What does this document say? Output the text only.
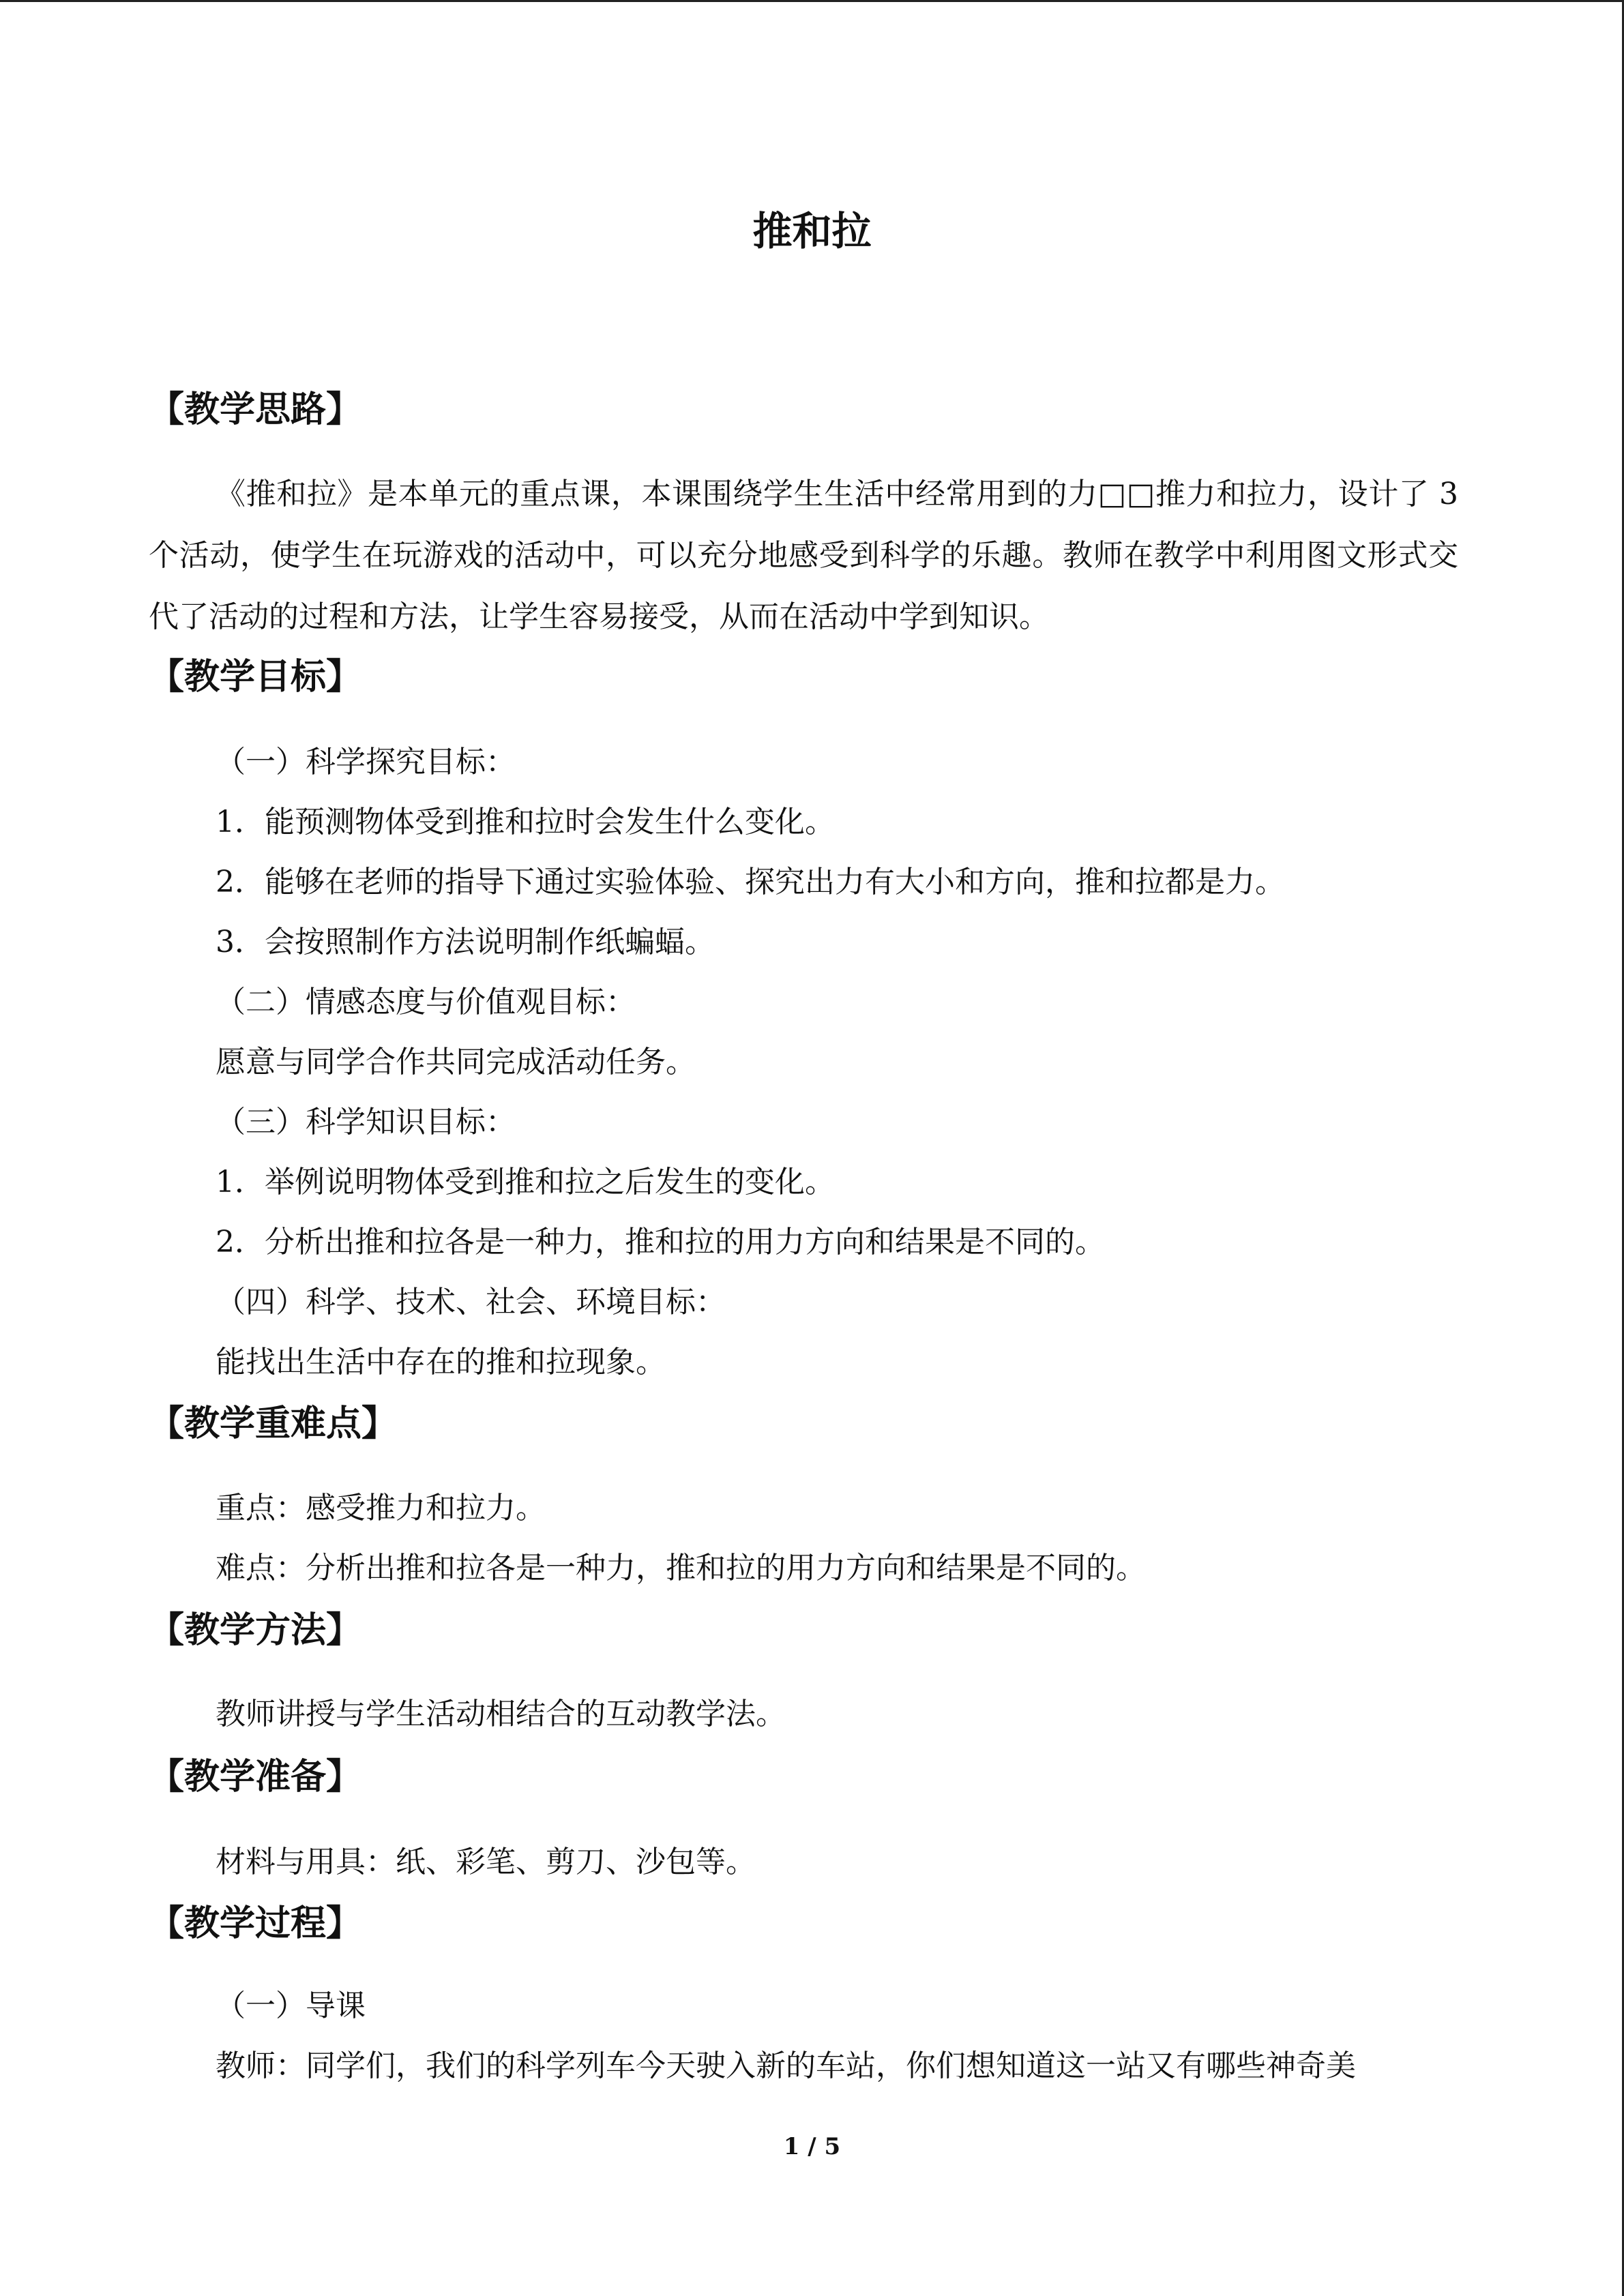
推和拉
【教学思路】
《推和拉》是本单元的重点课，本课围绕学生生活中经常用到的力□□推力和拉力，设计了 3 个活动，使学生在玩游戏的活动中，可以充分地感受到科学的乐趣。教师在教学中利用图文形式交代了活动的过程和方法，让学生容易接受，从而在活动中学到知识。
【教学目标】
（一）科学探究目标：
1．能预测物体受到推和拉时会发生什么变化。
2．能够在老师的指导下通过实验体验、探究出力有大小和方向，推和拉都是力。
3．会按照制作方法说明制作纸蝙蝠。
（二）情感态度与价值观目标：
愿意与同学合作共同完成活动任务。
（三）科学知识目标：
1．举例说明物体受到推和拉之后发生的变化。
2．分析出推和拉各是一种力，推和拉的用力方向和结果是不同的。
（四）科学、技术、社会、环境目标：
能找出生活中存在的推和拉现象。
【教学重难点】
重点：感受推力和拉力。
难点：分析出推和拉各是一种力，推和拉的用力方向和结果是不同的。
【教学方法】
教师讲授与学生活动相结合的互动教学法。
【教学准备】
材料与用具：纸、彩笔、剪刀、沙包等。
【教学过程】
（一）导课
教师：同学们，我们的科学列车今天驶入新的车站，你们想知道这一站又有哪些神奇美
1 / 5
